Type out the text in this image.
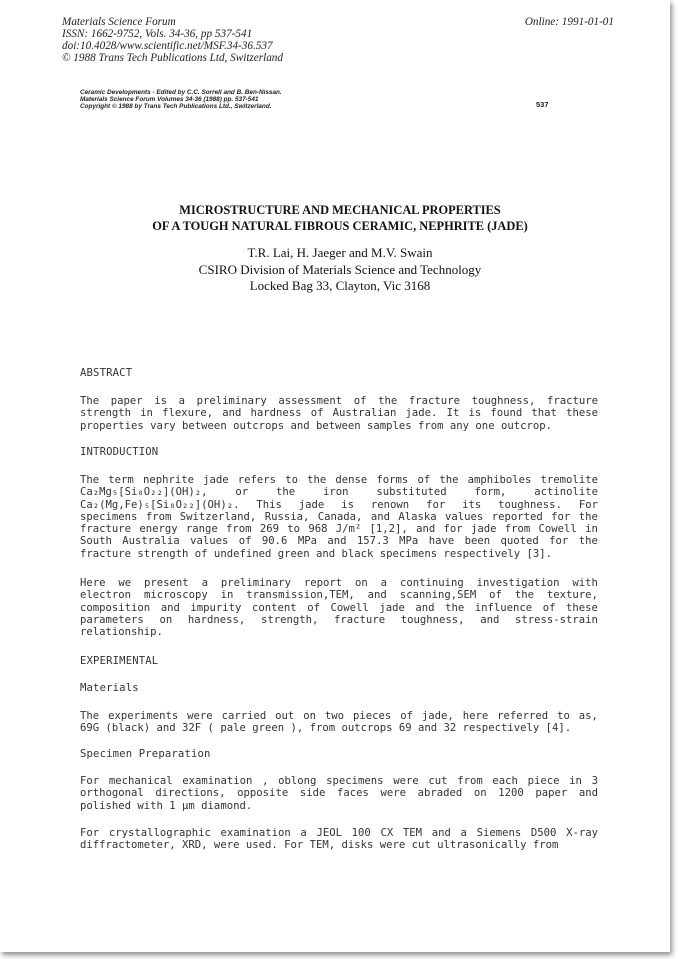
Materials Science Forum
ISSN: 1662-9752, Vols. 34-36, pp 537-541
doi:10.4028/www.scientific.net/MSF.34-36.537
© 1988 Trans Tech Publications Ltd, Switzerland
Online: 1991-01-01
Ceramic Developments - Edited by C.C. Sorrell and B. Ben-Nissan.
Materials Science Forum Volumes 34-36 (1988) pp. 537-541
Copyright © 1988 by Trans Tech Publications Ltd., Switzerland.	537
MICROSTRUCTURE AND MECHANICAL PROPERTIES
OF A TOUGH NATURAL FIBROUS CERAMIC, NEPHRITE (JADE)
T.R. Lai, H. Jaeger and M.V. Swain
CSIRO Division of Materials Science and Technology
Locked Bag 33, Clayton, Vic 3168
ABSTRACT
The paper is a preliminary assessment of the fracture toughness, fracture
strength in flexure, and hardness of Australian jade. It is found that these
properties vary between outcrops and between samples from any one outcrop.
INTRODUCTION
The term nephrite jade refers to the dense forms of the amphiboles tremolite
Ca₂Mg₅[Si₈O₂₂](OH)₂,	or	the	iron	substituted	form,	actinolite
Ca₂(Mg,Fe)₅[Si₈O₂₂](OH)₂. This jade is renown for its toughness. For
specimens from Switzerland, Russia, Canada, and Alaska values reported for the
fracture energy range from 269 to 968 J/m² [1,2], and for jade from Cowell in
South Australia values of 90.6 MPa and 157.3 MPa have been quoted for the
fracture strength of undefined green and black specimens respectively [3].
Here we present a preliminary report on a continuing investigation with
electron microscopy in transmission,TEM, and scanning,SEM of the texture,
composition and impurity content of Cowell jade and the influence of these
parameters on hardness, strength, fracture toughness, and stress-strain
relationship.
EXPERIMENTAL
Materials
The experiments were carried out on two pieces of jade, here referred to as,
69G (black) and 32F ( pale green ), from outcrops 69 and 32 respectively [4].
Specimen Preparation
For mechanical examination , oblong specimens were cut from each piece in 3
orthogonal directions, opposite side faces were abraded on 1200 paper and
polished with 1 μm diamond.
For crystallographic examination a JEOL 100 CX TEM and a Siemens D500 X-ray
diffractometer, XRD, were used. For TEM, disks were cut ultrasonically from
